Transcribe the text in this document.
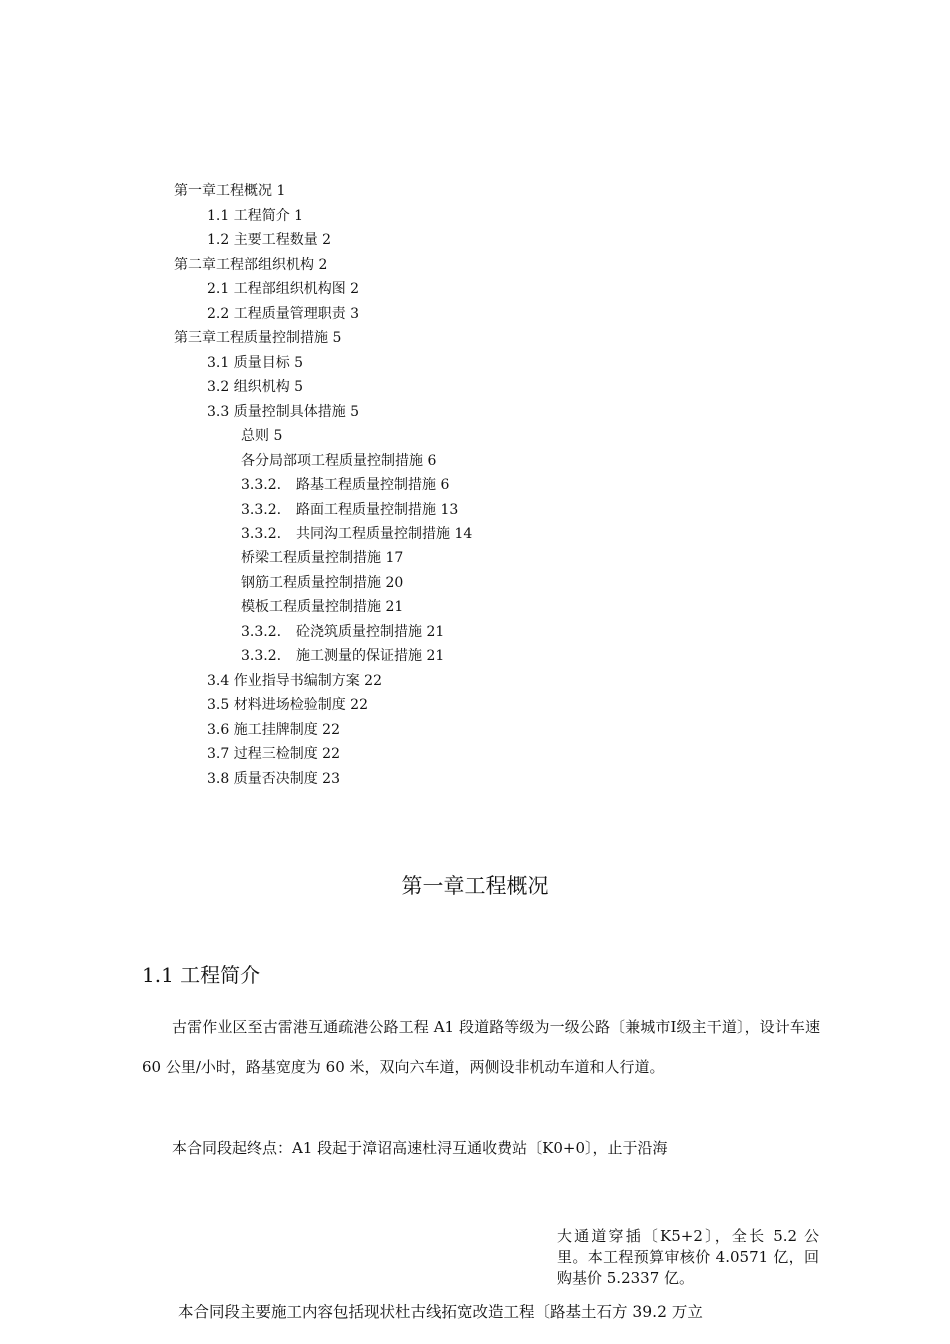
第一章工程概况 1
1.1 工程简介 1
1.2 主要工程数量 2
第二章工程部组织机构 2
2.1 工程部组织机构图 2
2.2 工程质量管理职责 3
第三章工程质量控制措施 5
3.1 质量目标 5
3.2 组织机构 5
3.3 质量控制具体措施 5
总则 5
各分局部项工程质量控制措施 6
3.3.2. 路基工程质量控制措施 6
3.3.2. 路面工程质量控制措施 13
3.3.2. 共同沟工程质量控制措施 14
桥梁工程质量控制措施 17
钢筋工程质量控制措施 20
模板工程质量控制措施 21
3.3.2. 砼浇筑质量控制措施 21
3.3.2. 施工测量的保证措施 21
3.4 作业指导书编制方案 22
3.5 材料进场检验制度 22
3.6 施工挂牌制度 22
3.7 过程三检制度 22
3.8 质量否决制度 23
第一章工程概况
1.1 工程简介
古雷作业区至古雷港互通疏港公路工程 A1 段道路等级为一级公路〔兼城市Ⅰ级主干道〕，设计车速 60 公里/小时，路基宽度为 60 米，双向六车道，两侧设非机动车道和人行道。
本合同段起终点：A1 段起于漳诏高速杜浔互通收费站〔K0+0〕，止于沿海
大通道穿插〔K5+2〕，全长 5.2 公里。本工程预算审核价 4.0571 亿，回购基价 5.2337 亿。
本合同段主要施工内容包括现状杜古线拓宽改造工程〔路基土石方 39.2 万立
